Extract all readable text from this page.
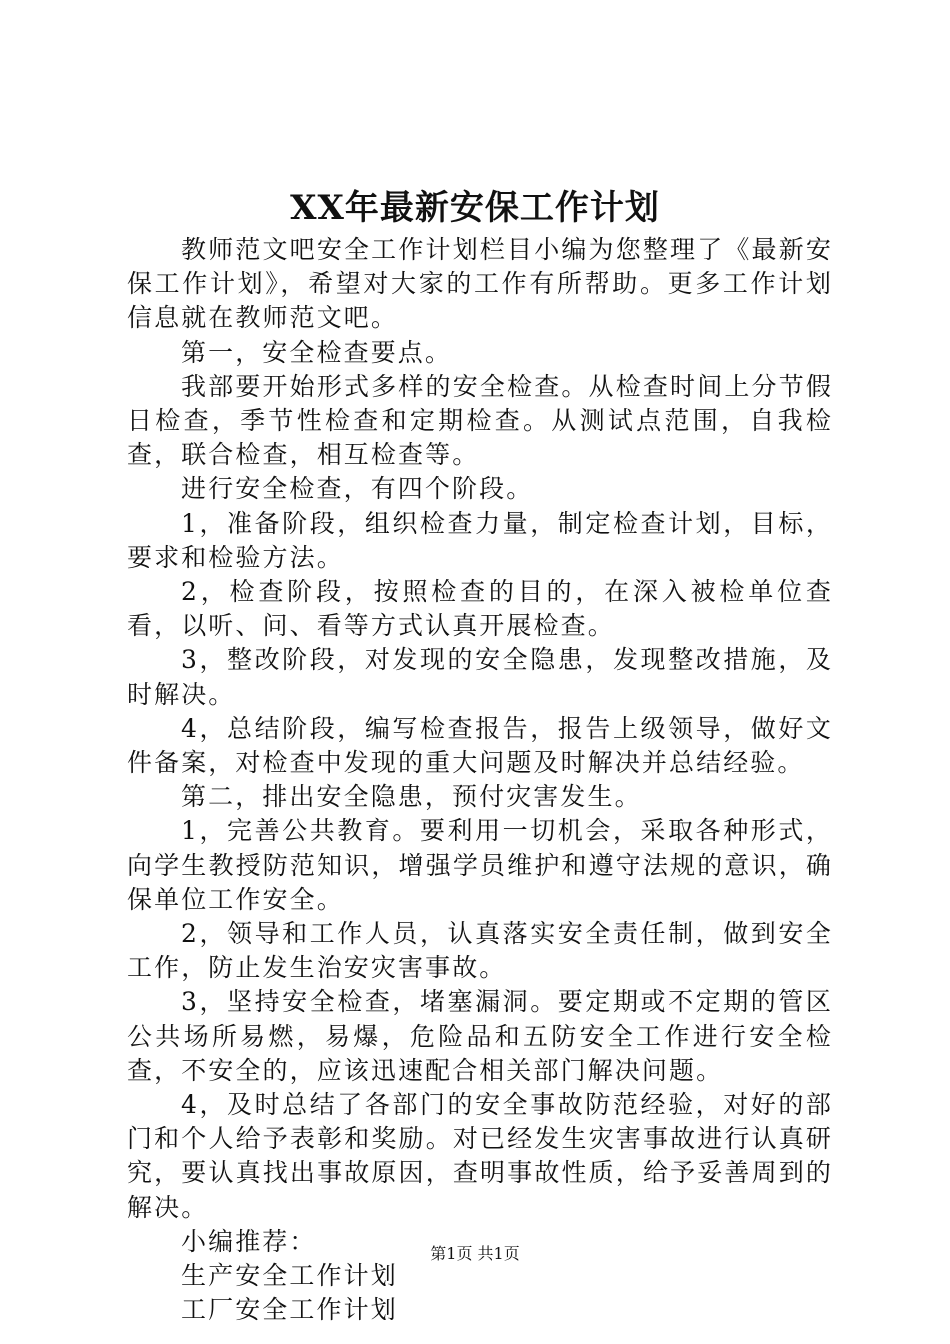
XX年最新安保工作计划

教师范文吧安全工作计划栏目小编为您整理了《最新安保工作计划》，希望对大家的工作有所帮助。更多工作计划信息就在教师范文吧。

第一，安全检查要点。

我部要开始形式多样的安全检查。从检查时间上分节假日检查，季节性检查和定期检查。从测试点范围，自我检查，联合检查，相互检查等。

进行安全检查，有四个阶段。

1，准备阶段，组织检查力量，制定检查计划，目标，要求和检验方法。

2，检查阶段，按照检查的目的，在深入被检单位查看，以听、问、看等方式认真开展检查。

3，整改阶段，对发现的安全隐患，发现整改措施，及时解决。

4，总结阶段，编写检查报告，报告上级领导，做好文件备案，对检查中发现的重大问题及时解决并总结经验。

第二，排出安全隐患，预付灾害发生。

1，完善公共教育。要利用一切机会，采取各种形式，向学生教授防范知识，增强学员维护和遵守法规的意识，确保单位工作安全。

2，领导和工作人员，认真落实安全责任制，做到安全工作，防止发生治安灾害事故。

3，坚持安全检查，堵塞漏洞。要定期或不定期的管区公共场所易燃，易爆，危险品和五防安全工作进行安全检查，不安全的，应该迅速配合相关部门解决问题。

4，及时总结了各部门的安全事故防范经验，对好的部门和个人给予表彰和奖励。对已经发生灾害事故进行认真研究，要认真找出事故原因，查明事故性质，给予妥善周到的解决。

小编推荐：

生产安全工作计划

工厂安全工作计划

第1页 共1页
